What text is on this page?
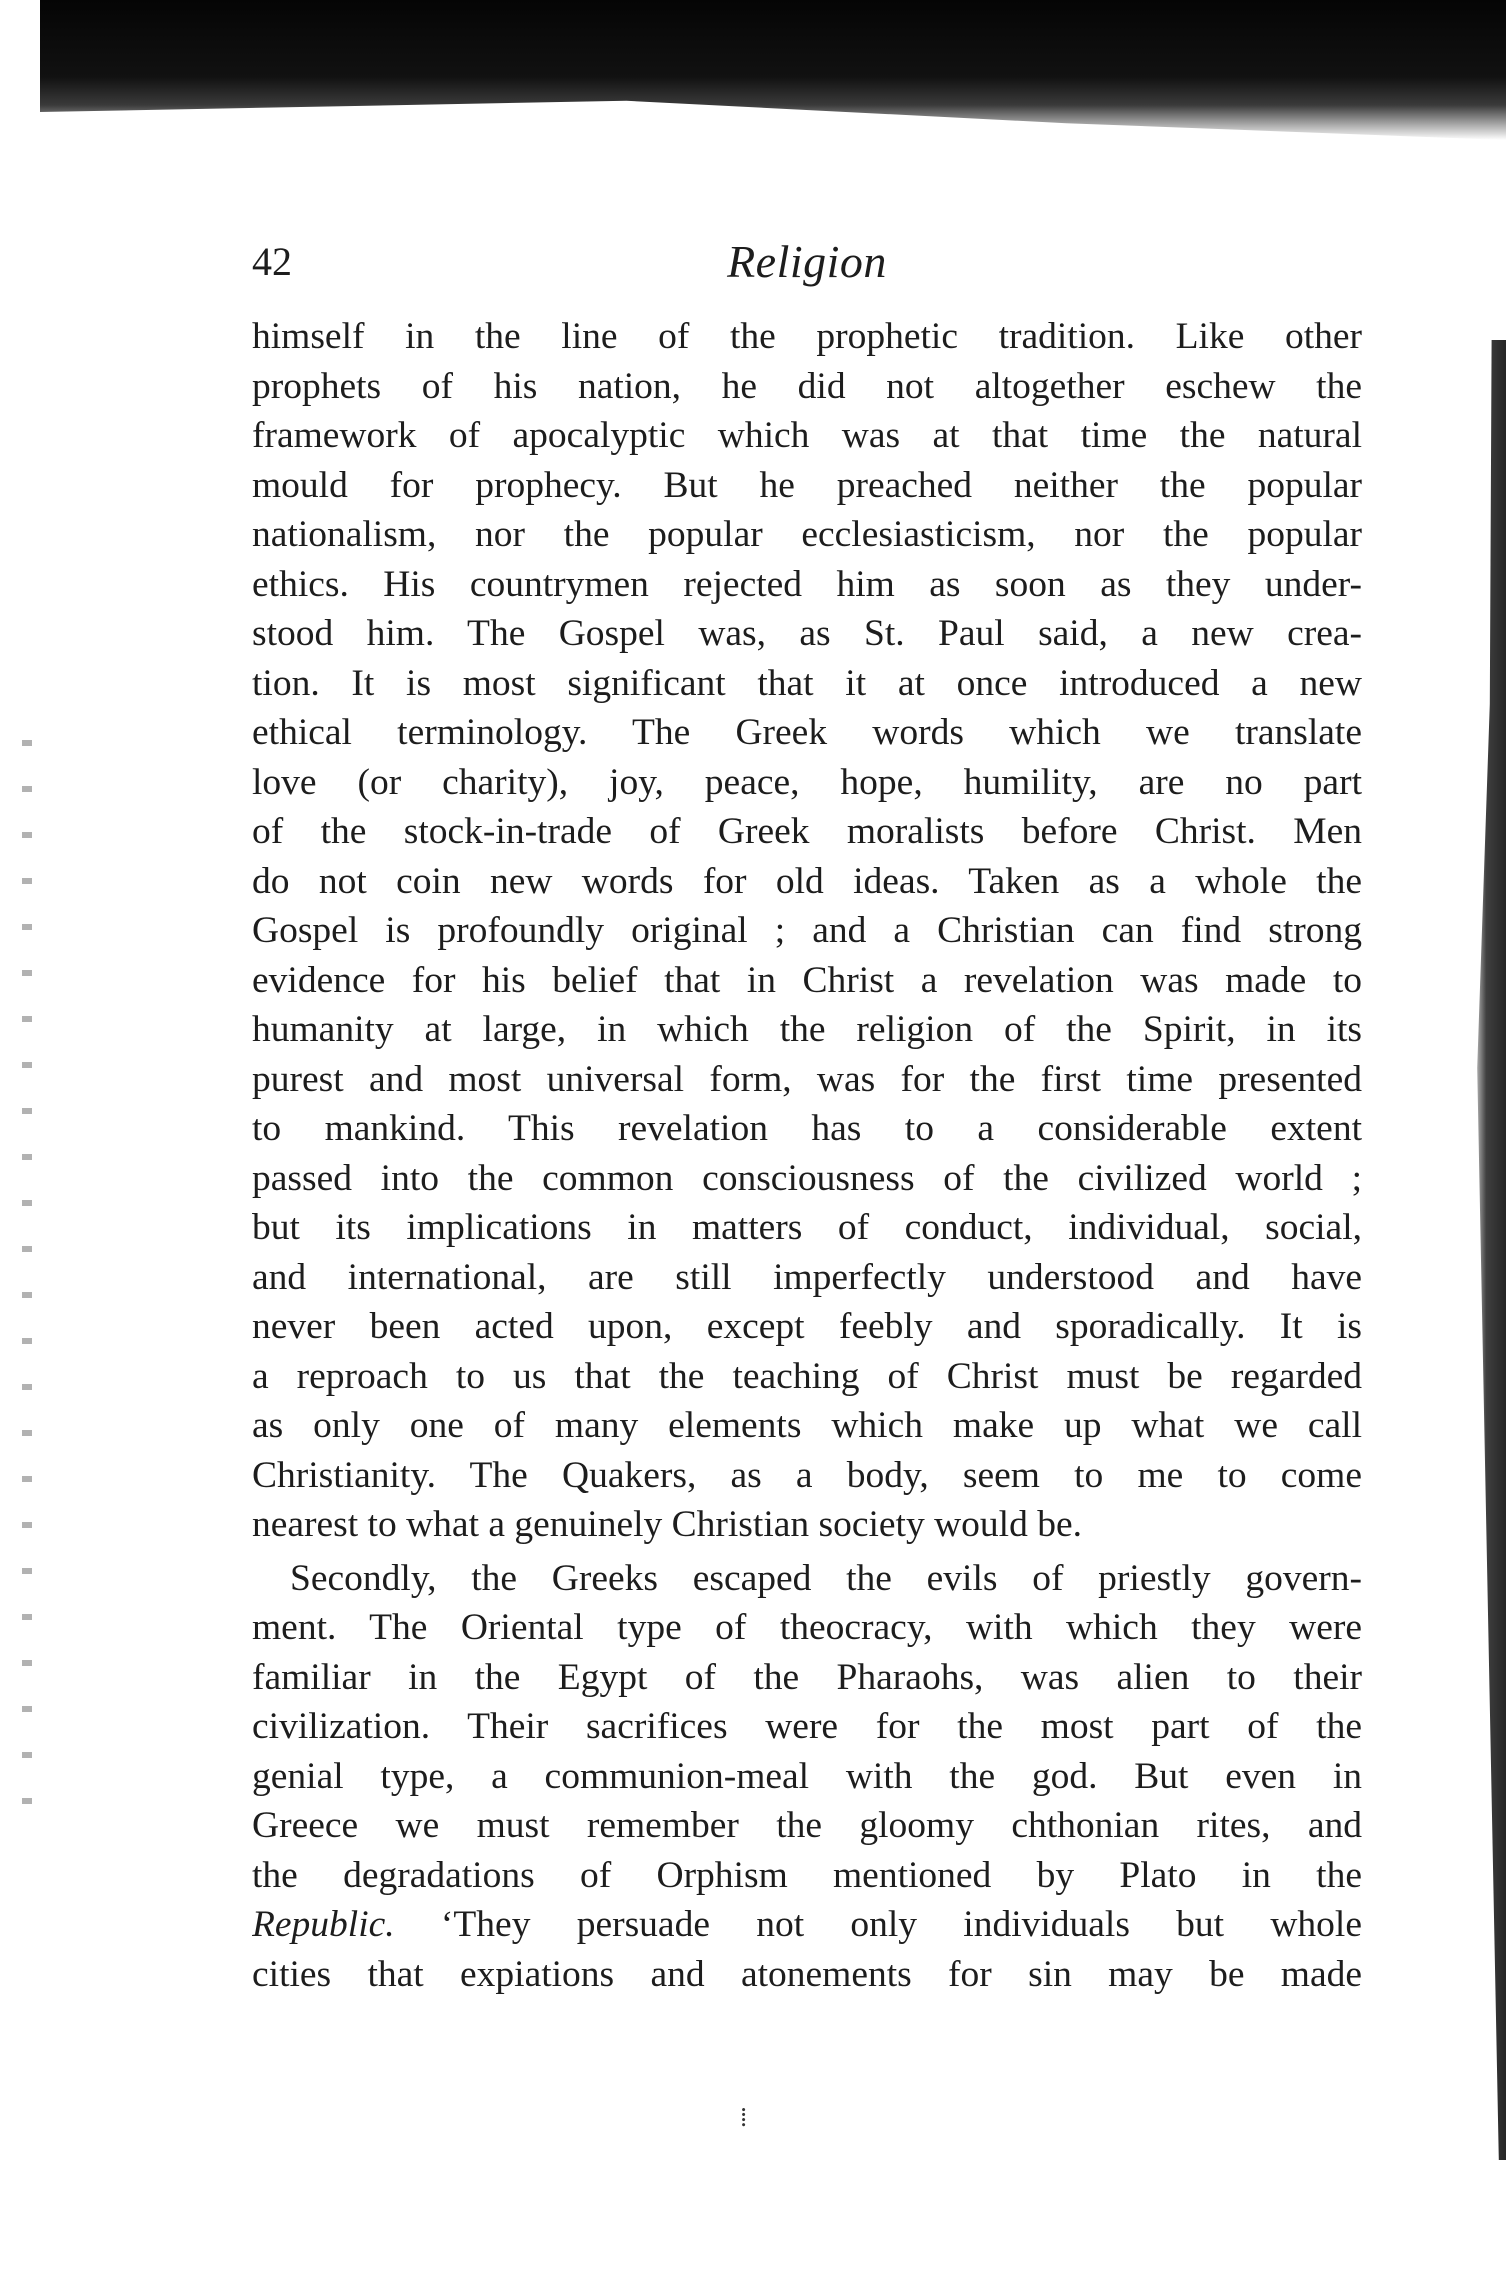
42	Religion
himself in the line of the prophetic tradition. Like other
prophets of his nation, he did not altogether eschew the
framework of apocalyptic which was at that time the natural
mould for prophecy. But he preached neither the popular
nationalism, nor the popular ecclesiasticism, nor the popular
ethics. His countrymen rejected him as soon as they under-
stood him. The Gospel was, as St. Paul said, a new crea-
tion. It is most significant that it at once introduced a new
ethical terminology. The Greek words which we translate
love (or charity), joy, peace, hope, humility, are no part
of the stock-in-trade of Greek moralists before Christ. Men
do not coin new words for old ideas. Taken as a whole the
Gospel is profoundly original ; and a Christian can find strong
evidence for his belief that in Christ a revelation was made to
humanity at large, in which the religion of the Spirit, in its
purest and most universal form, was for the first time presented
to mankind. This revelation has to a considerable extent
passed into the common consciousness of the civilized world ;
but its implications in matters of conduct, individual, social,
and international, are still imperfectly understood and have
never been acted upon, except feebly and sporadically. It is
a reproach to us that the teaching of Christ must be regarded
as only one of many elements which make up what we call
Christianity. The Quakers, as a body, seem to me to come
nearest to what a genuinely Christian society would be.
Secondly, the Greeks escaped the evils of priestly govern-
ment. The Oriental type of theocracy, with which they were
familiar in the Egypt of the Pharaohs, was alien to their
civilization. Their sacrifices were for the most part of the
genial type, a communion-meal with the god. But even in
Greece we must remember the gloomy chthonian rites, and
the degradations of Orphism mentioned by Plato in the
Republic. ‘They persuade not only individuals but whole
cities that expiations and atonements for sin may be made
⁞
